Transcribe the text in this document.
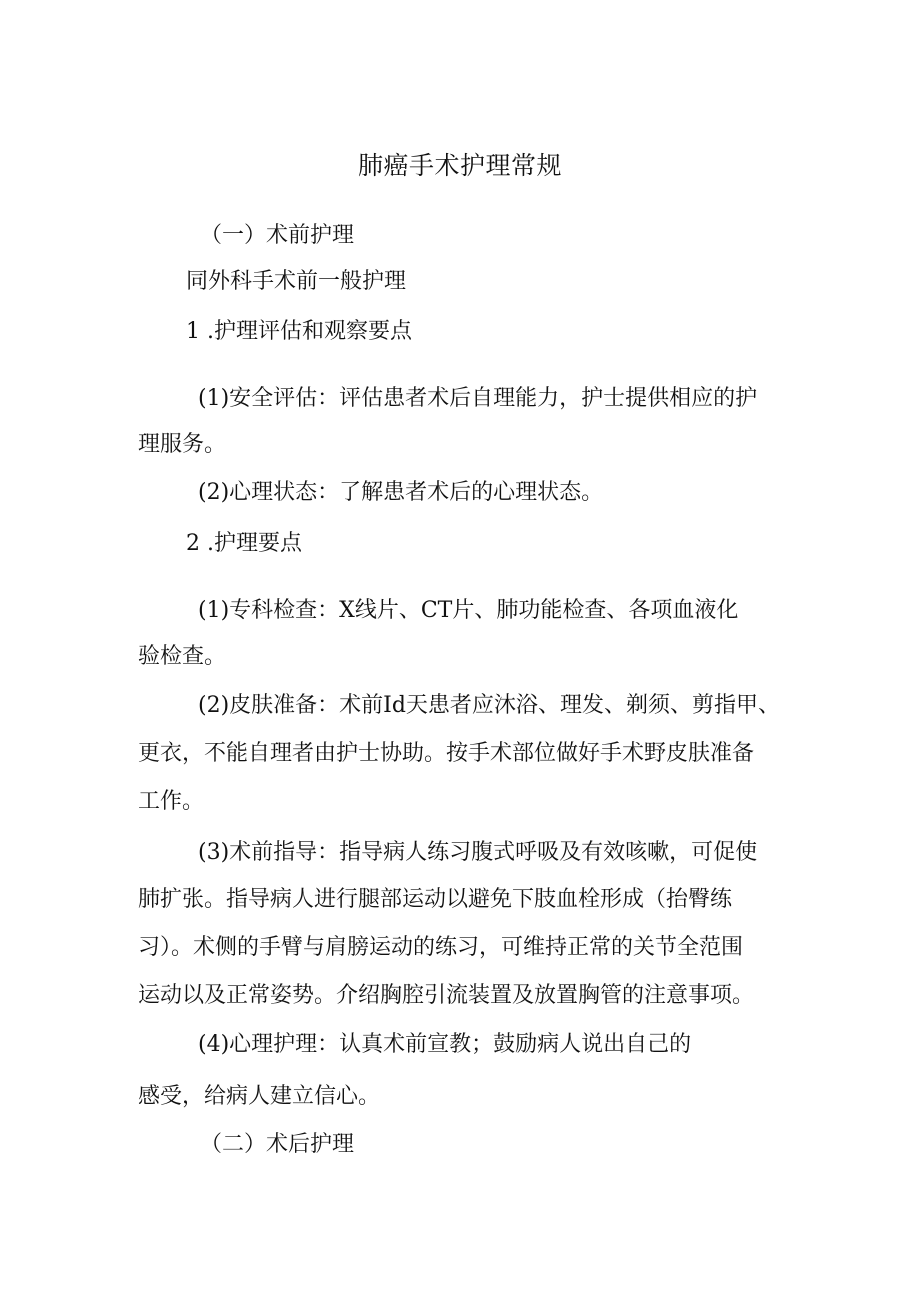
肺癌手术护理常规
（一）术前护理
同外科手术前一般护理
1 .护理评估和观察要点
(1)安全评估：评估患者术后自理能力，护士提供相应的护
理服务。
(2)心理状态：了解患者术后的心理状态。
2 .护理要点
(1)专科检查：X线片、CT片、肺功能检查、各项血液化
验检查。
(2)皮肤准备：术前Id天患者应沐浴、理发、剃须、剪指甲、
更衣，不能自理者由护士协助。按手术部位做好手术野皮肤准备
工作。
(3)术前指导：指导病人练习腹式呼吸及有效咳嗽，可促使
肺扩张。指导病人进行腿部运动以避免下肢血栓形成（抬臀练
习）。术侧的手臂与肩膀运动的练习，可维持正常的关节全范围
运动以及正常姿势。介绍胸腔引流装置及放置胸管的注意事项。
(4)心理护理：认真术前宣教；鼓励病人说出自己的
感受，给病人建立信心。
（二）术后护理
